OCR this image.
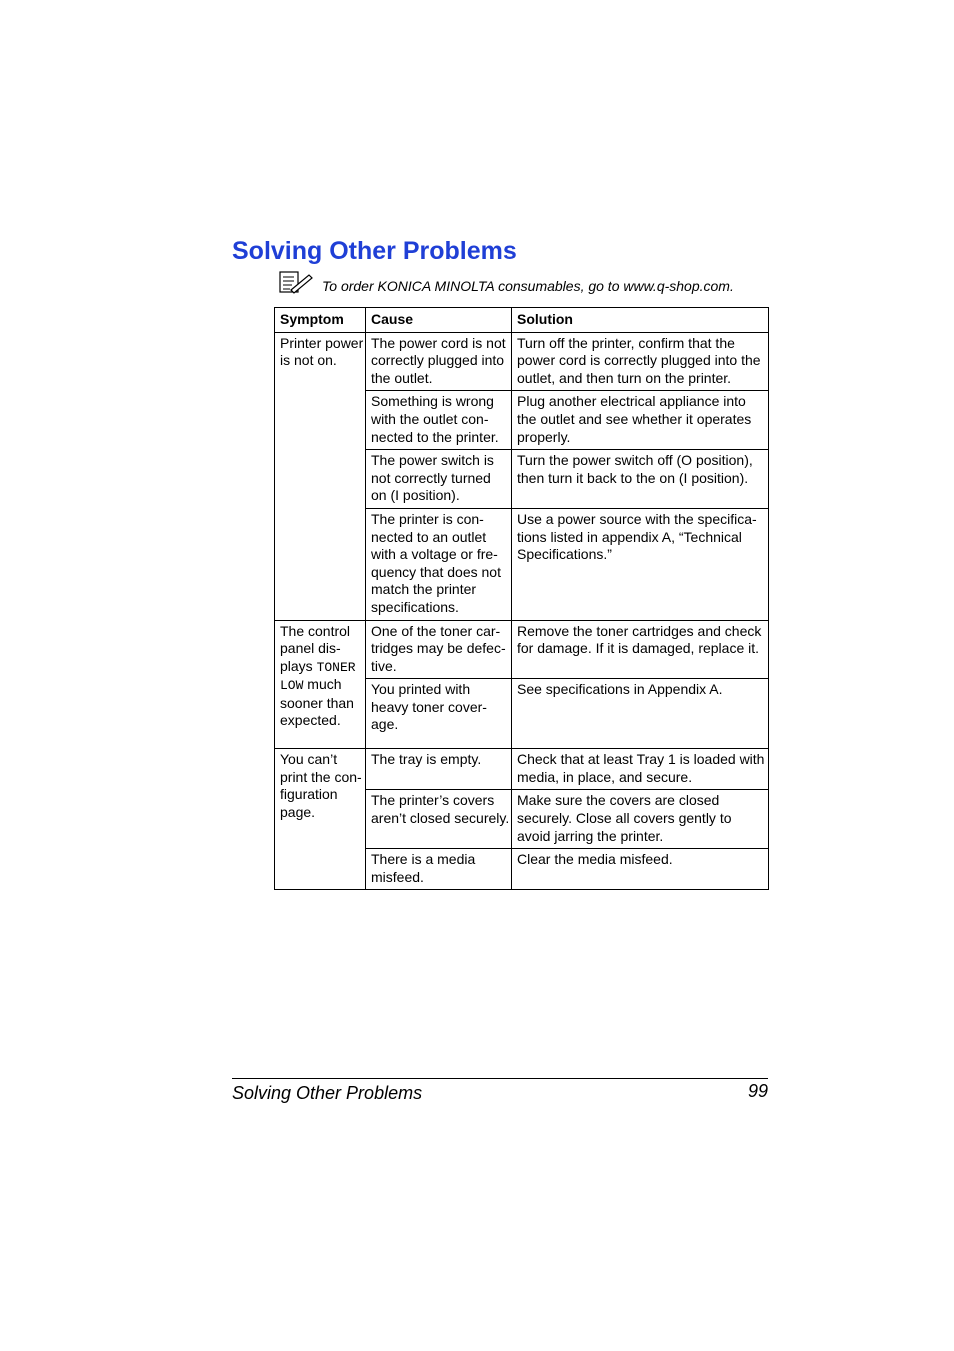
Solving Other Problems
To order KONICA MINOLTA consumables, go to www.q-shop.com.
Symptom	Cause	Solution
Printer power is not on.	The power cord is not correctly plugged into the outlet.	Turn off the printer, confirm that the power cord is correctly plugged into the outlet, and then turn on the printer.
	Something is wrong with the outlet con-nected to the printer.	Plug another electrical appliance into the outlet and see whether it operates properly.
	The power switch is not correctly turned on (I position).	Turn the power switch off (O position), then turn it back to the on (I position).
	The printer is con-nected to an outlet with a voltage or fre-quency that does not match the printer specifications.	Use a power source with the specifica-tions listed in appendix A, “Technical Specifications.”
The control panel dis-plays TONER LOW much sooner than expected.	One of the toner car-tridges may be defec-tive.	Remove the toner cartridges and check for damage. If it is damaged, replace it.
	You printed with heavy toner cover-age.	See specifications in Appendix A.
You can’t print the con-figuration page.	The tray is empty.	Check that at least Tray 1 is loaded with media, in place, and secure.
	The printer’s covers aren’t closed securely.	Make sure the covers are closed securely. Close all covers gently to avoid jarring the printer.
	There is a media misfeed.	Clear the media misfeed.
Solving Other Problems	99
